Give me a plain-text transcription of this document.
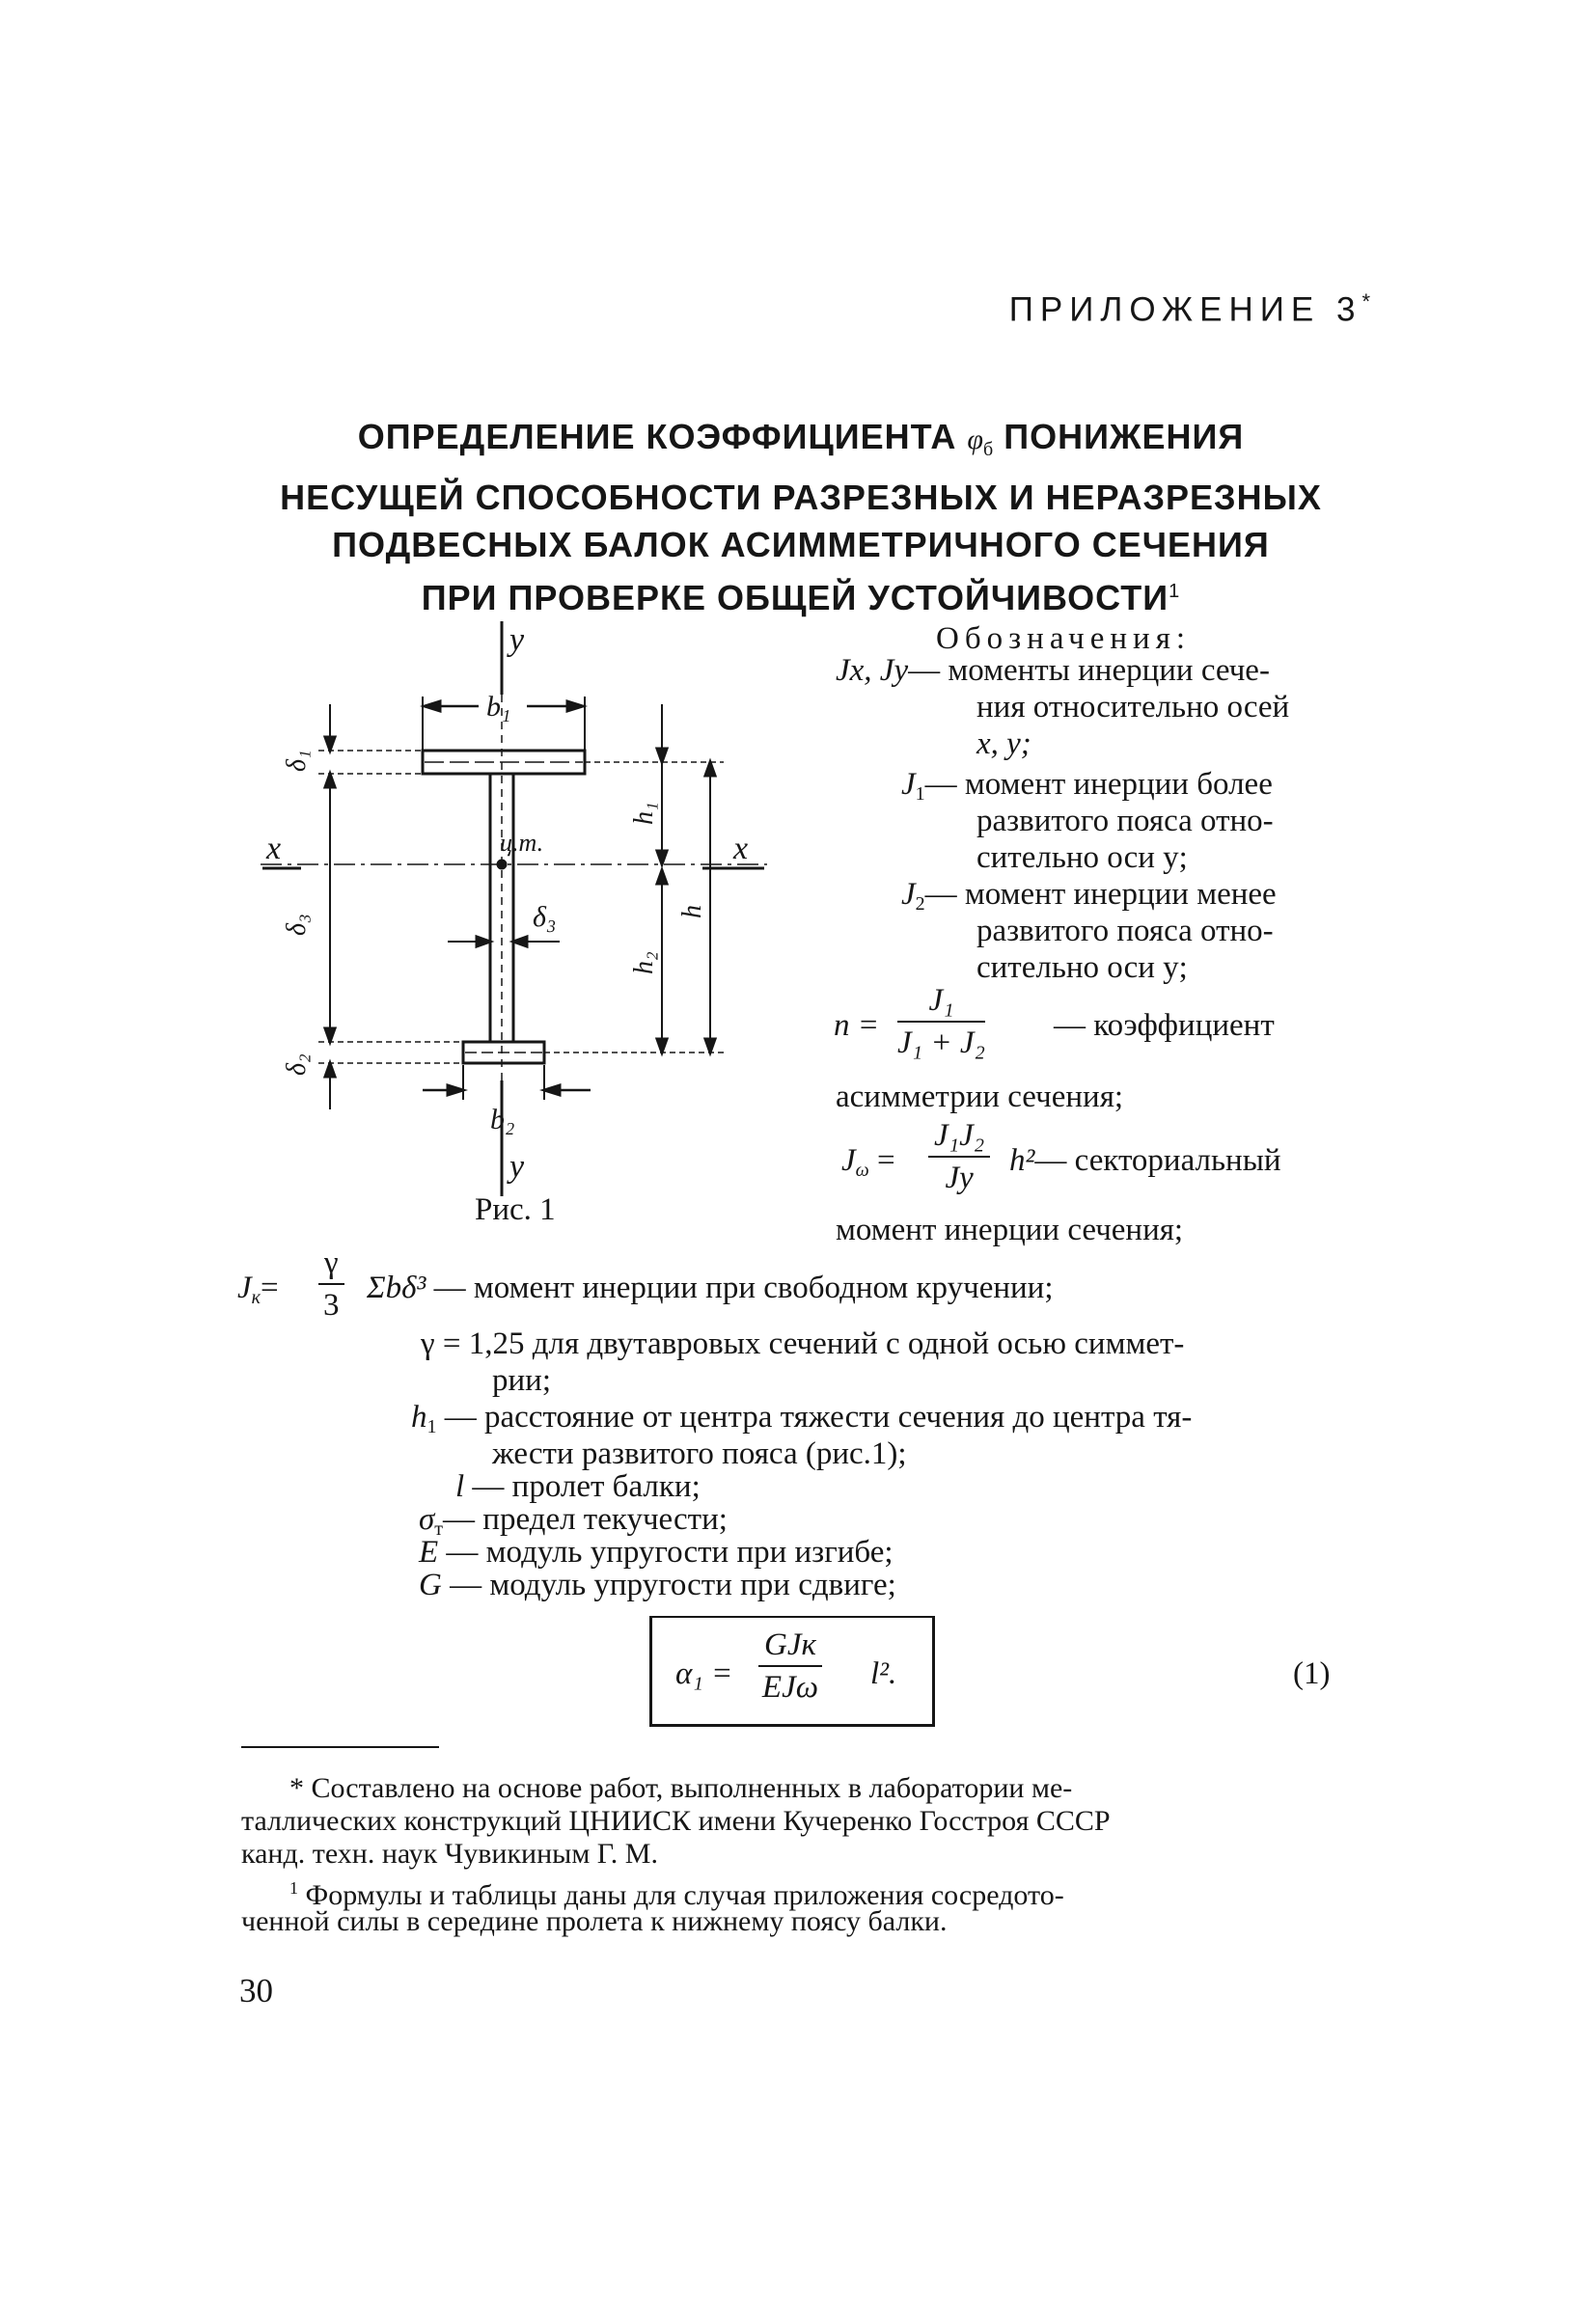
ПРИЛОЖЕНИЕ 3*
ОПРЕДЕЛЕНИЕ КОЭФФИЦИЕНТА $\varphi_б$ ПОНИЖЕНИЯ
НЕСУЩЕЙ СПОСОБНОСТИ РАЗРЕЗНЫХ И НЕРАЗРЕЗНЫХ
ПОДВЕСНЫХ БАЛОК АСИММЕТРИЧНОГО СЕЧЕНИЯ
ПРИ ПРОВЕРКЕ ОБЩЕЙ УСТОЙЧИВОСТИ$^1$
y
y
x	x
b₁
b₂
δ₃
ц.т.
δ₁
δ₃
δ₂
h₁
h₂
h
Рис. 1
Обозначения:
Jx, Jy— моменты инерции сече-
ния относительно осей
x, y;
$J_1—$ момент инерции более
развитого пояса отно-
сительно оси y;
$J_2—$ момент инерции менее
развитого пояса отно-
сительно оси y;
$n = \frac{\text{J₁}}{\text{J₁ + J₂}}$ — коэффициент
асимметрии сечения;
$J_\omega = \frac{\text{J₁J₂}}{Jy}$ h²— секториальный
момент инерции сечения;
$J_к= \frac{\gamma}{3} \Sigma b\delta^3$ — момент инерции при свободном кручении;
γ = 1,25 для двутавровых сечений с одной осью симмет-
рии;
$h_1$ — расстояние от центра тяжести сечения до центра тя-
жести развитого пояса (рис.1);
l — пролет балки;
$\sigma_т—$ предел текучести;
E — модуль упругости при изгибе;
G — модуль упругости при сдвиге;
$\alpha_1 = \frac{\text{GJк}}{\text{EJω}} l^2$.	(1)
* Составлено на основе работ, выполненных в лаборатории ме-
таллических конструкций ЦНИИСК имени Кучеренко Госстроя СССР
канд. техн. наук Чувикиным Г. М.
$^1$ Формулы и таблицы даны для случая приложения сосредото-
ченной силы в середине пролета к нижнему поясу балки.
30
